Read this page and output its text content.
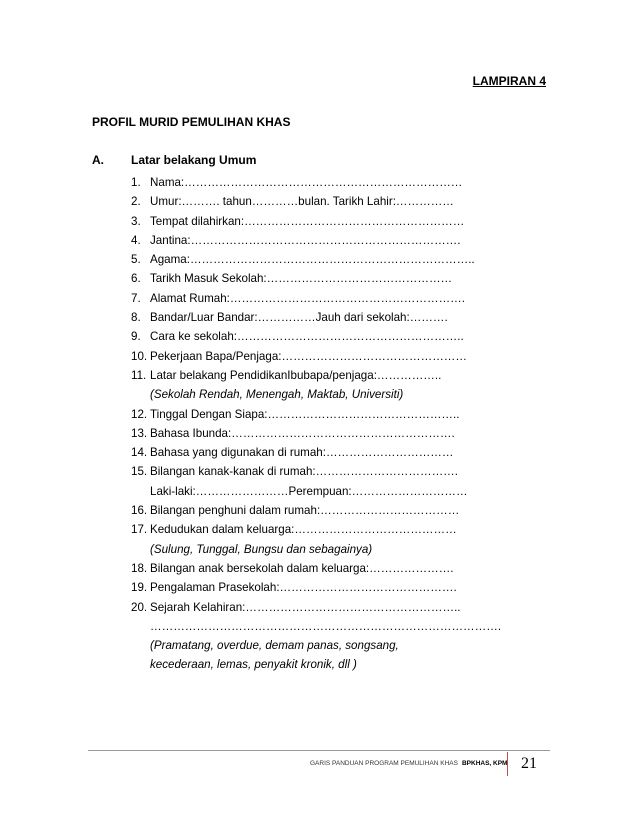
LAMPIRAN 4
PROFIL MURID PEMULIHAN KHAS
A. Latar belakang Umum
1. Nama:………………………………………………………………
2. Umur:………. tahun…………bulan. Tarikh Lahir:……………
3. Tempat dilahirkan:…………………………………………………
4. Jantina:…………………………………………………………….
5. Agama:………………………………………………………………..
6. Tarikh Masuk Sekolah:…………………………………………
7. Alamat Rumah:…………………………………………………….
8. Bandar/Luar Bandar:……………Jauh dari sekolah:……….
9. Cara ke sekolah:…………………………………………………..
10. Pekerjaan Bapa/Penjaga:…………………………………………
11. Latar belakang PendidikanIbubapa/penjaga:……………..
(Sekolah Rendah, Menengah, Maktab, Universiti)
12. Tinggal Dengan Siapa:…………………………………………..
13. Bahasa Ibunda:………………………………………………….
14. Bahasa yang digunakan di rumah:……………………………
15. Bilangan kanak-kanak di rumah:……………………………….
Laki-laki:……………………Perempuan:…………………………
16. Bilangan penghuni dalam rumah:………………………………
17. Kedudukan dalam keluarga:……………………………………
(Sulung, Tunggal, Bungsu dan sebagainya)
18. Bilangan anak bersekolah dalam keluarga:………………….
19. Pengalaman Prasekolah:……………………………………….
20. Sejarah Kelahiran:………………………………………………..
……………………………………………………………………………….
(Pramatang, overdue, demam panas, songsang,
kecederaan, lemas, penyakit kronik, dll )
GARIS PANDUAN PROGRAM PEMULIHAN KHAS BPKHAS, KPM 21
